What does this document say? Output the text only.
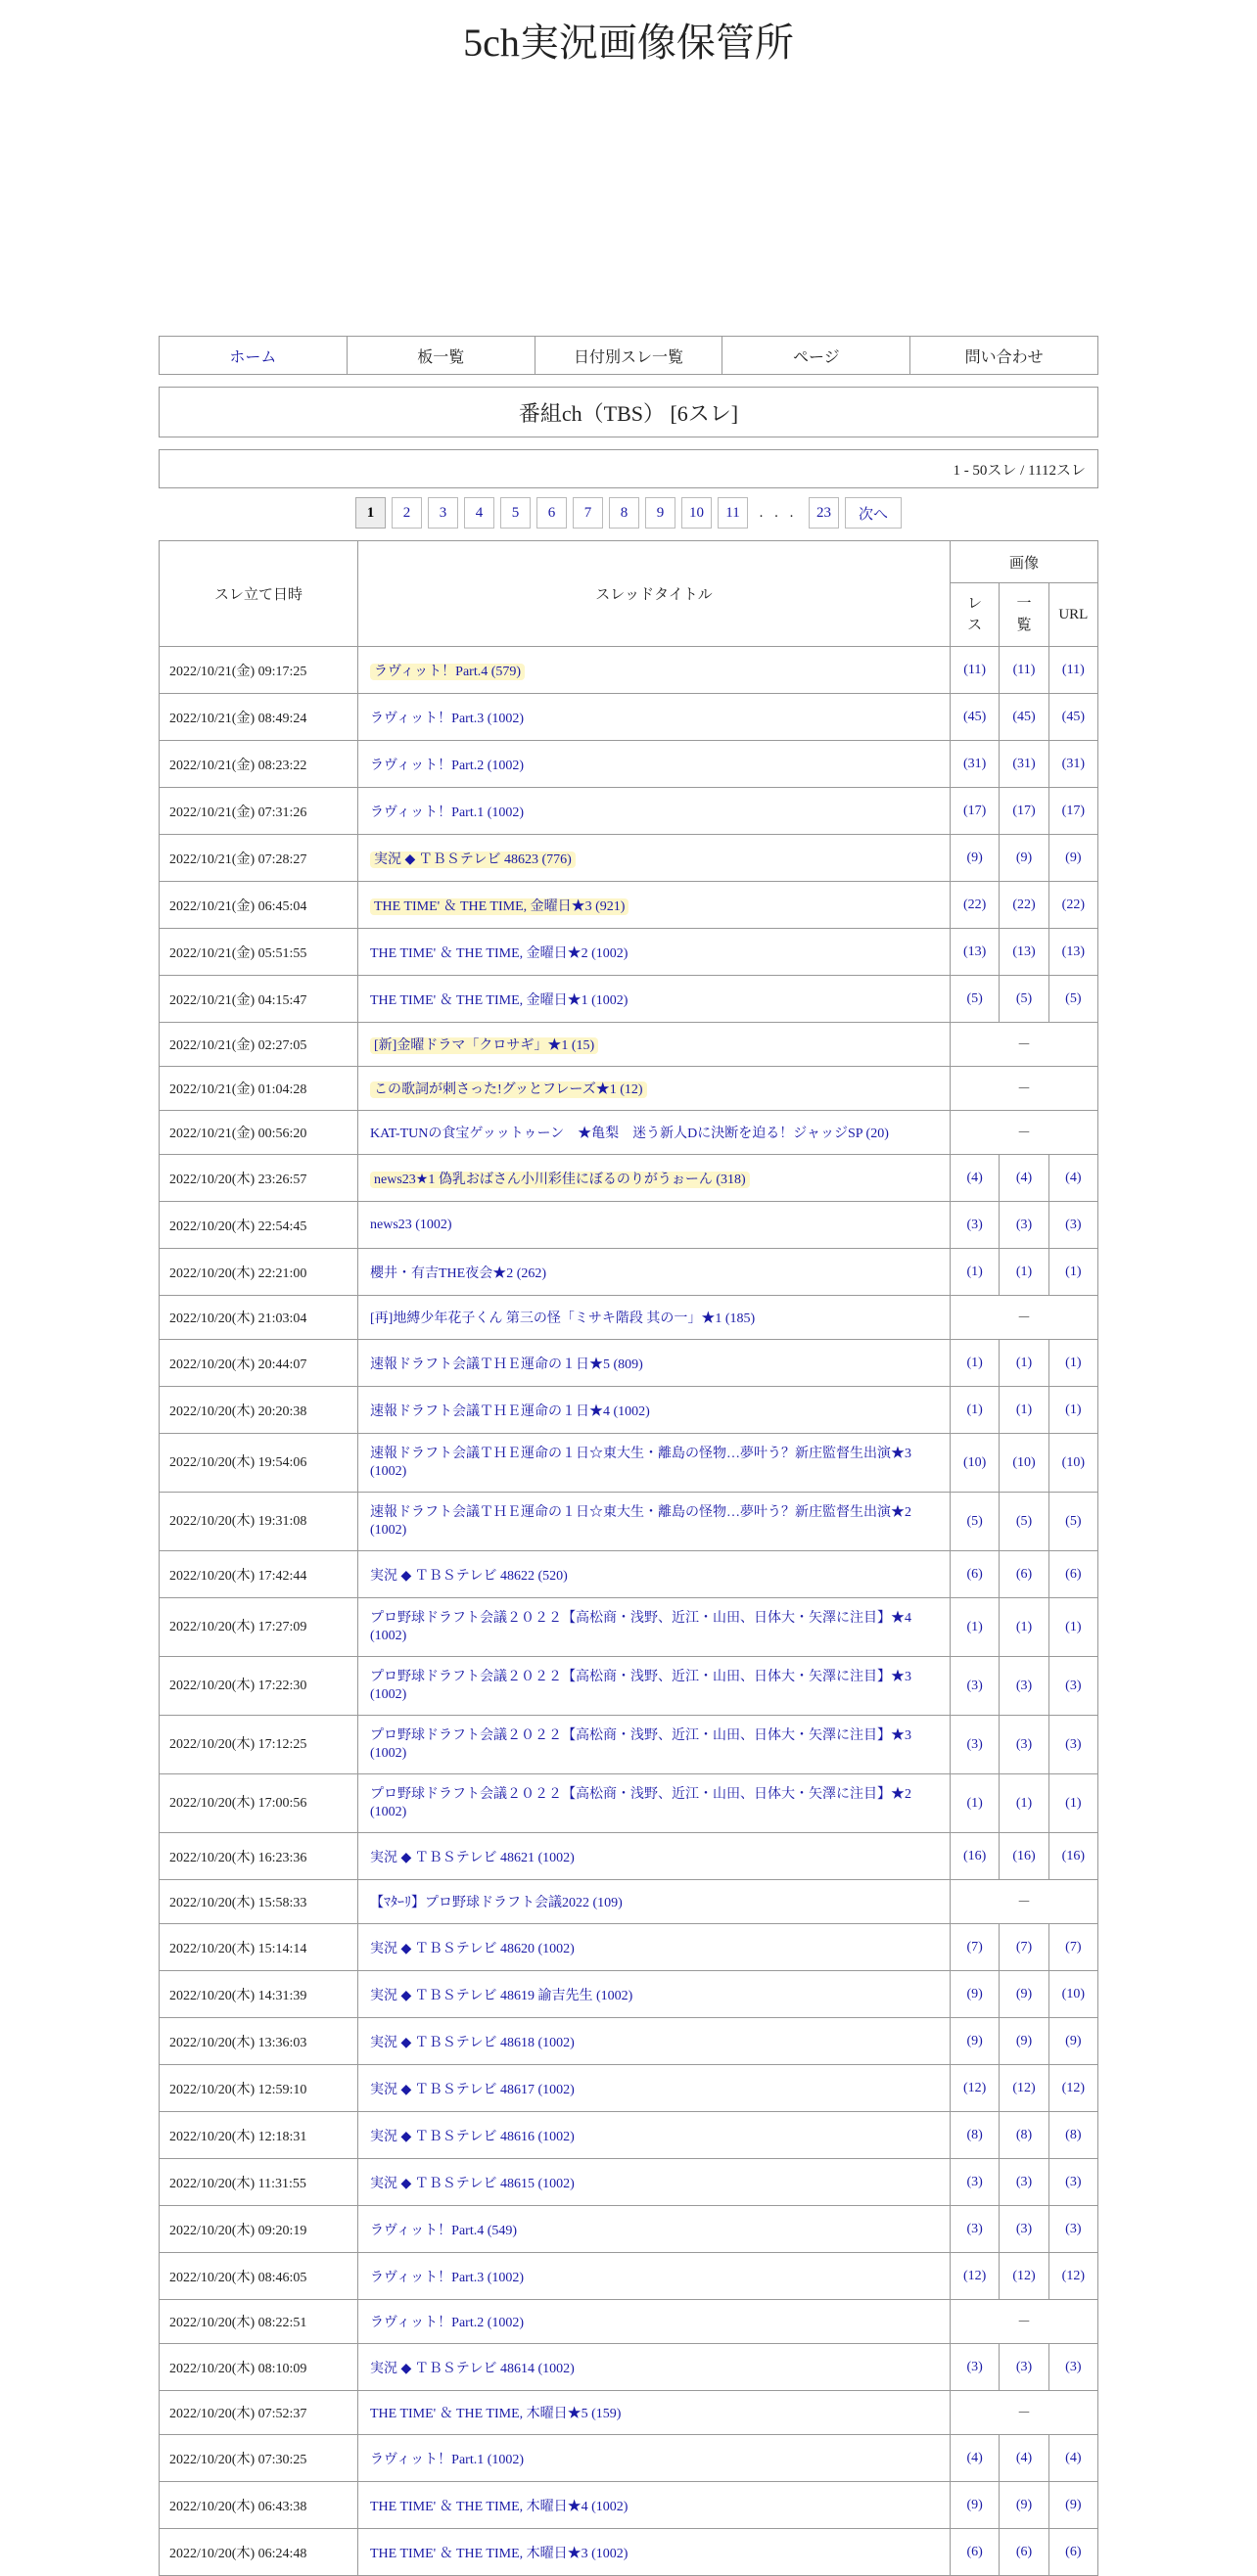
5ch実況画像保管所
ホーム	板一覧	日付別スレ一覧	ページ	問い合わせ
番組ch（TBS） [6スレ]
1 - 50スレ / 1112スレ
1	2	3	4	5	6	7	8	9	10	11	. . .	23	次へ
スレ立て日時	スレッドタイトル	画像		
		レス	一覧	URL
2022/10/21(金) 09:17:25	ラヴィット！Part.4 (579)	(11)	(11)	(11)
2022/10/21(金) 08:49:24	ラヴィット！Part.3 (1002)	(45)	(45)	(45)
2022/10/21(金) 08:23:22	ラヴィット！Part.2 (1002)	(31)	(31)	(31)
2022/10/21(金) 07:31:26	ラヴィット！Part.1 (1002)	(17)	(17)	(17)
2022/10/21(金) 07:28:27	実況 ◆ ＴＢＳテレビ 48623 (776)	(9)	(9)	(9)
2022/10/21(金) 06:45:04	THE TIME' ＆ THE TIME, 金曜日★3 (921)	(22)	(22)	(22)
2022/10/21(金) 05:51:55	THE TIME' ＆ THE TIME, 金曜日★2 (1002)	(13)	(13)	(13)
2022/10/21(金) 04:15:47	THE TIME' ＆ THE TIME, 金曜日★1 (1002)	(5)	(5)	(5)
2022/10/21(金) 02:27:05	[新]金曜ドラマ「クロサギ」★1 (15)	－		
2022/10/21(金) 01:04:28	この歌詞が刺さった!グッとフレーズ★1 (12)	－		
2022/10/21(金) 00:56:20	KAT-TUNの食宝ゲッットゥーン　★亀梨　迷う新人Dに決断を迫る！ジャッジSP (20)	－		
2022/10/20(木) 23:26:57	news23★1 偽乳おばさん小川彩佳にぼるのりがうぉーん (318)	(4)	(4)	(4)
2022/10/20(木) 22:54:45	news23 (1002)	(3)	(3)	(3)
2022/10/20(木) 22:21:00	櫻井・有吉THE夜会★2 (262)	(1)	(1)	(1)
2022/10/20(木) 21:03:04	[再]地縛少年花子くん 第三の怪「ミサキ階段 其の一」★1 (185)	－		
2022/10/20(木) 20:44:07	速報ドラフト会議ＴＨＥ運命の１日★5 (809)	(1)	(1)	(1)
2022/10/20(木) 20:20:38	速報ドラフト会議ＴＨＥ運命の１日★4 (1002)	(1)	(1)	(1)
2022/10/20(木) 19:54:06	速報ドラフト会議ＴＨＥ運命の１日☆東大生・離島の怪物…夢叶う？新庄監督生出演★3 (1002)	(10)	(10)	(10)
2022/10/20(木) 19:31:08	速報ドラフト会議ＴＨＥ運命の１日☆東大生・離島の怪物…夢叶う？新庄監督生出演★2 (1002)	(5)	(5)	(5)
2022/10/20(木) 17:42:44	実況 ◆ ＴＢＳテレビ 48622 (520)	(6)	(6)	(6)
2022/10/20(木) 17:27:09	プロ野球ドラフト会議２０２２【高松商・浅野、近江・山田、日体大・矢澤に注目】★4 (1002)	(1)	(1)	(1)
2022/10/20(木) 17:22:30	プロ野球ドラフト会議２０２２【高松商・浅野、近江・山田、日体大・矢澤に注目】★3 (1002)	(3)	(3)	(3)
2022/10/20(木) 17:12:25	プロ野球ドラフト会議２０２２【高松商・浅野、近江・山田、日体大・矢澤に注目】★3 (1002)	(3)	(3)	(3)
2022/10/20(木) 17:00:56	プロ野球ドラフト会議２０２２【高松商・浅野、近江・山田、日体大・矢澤に注目】★2 (1002)	(1)	(1)	(1)
2022/10/20(木) 16:23:36	実況 ◆ ＴＢＳテレビ 48621 (1002)	(16)	(16)	(16)
2022/10/20(木) 15:58:33	【ﾏﾀｰﾘ】プロ野球ドラフト会議2022 (109)	－		
2022/10/20(木) 15:14:14	実況 ◆ ＴＢＳテレビ 48620 (1002)	(7)	(7)	(7)
2022/10/20(木) 14:31:39	実況 ◆ ＴＢＳテレビ 48619 諭吉先生 (1002)	(9)	(9)	(10)
2022/10/20(木) 13:36:03	実況 ◆ ＴＢＳテレビ 48618 (1002)	(9)	(9)	(9)
2022/10/20(木) 12:59:10	実況 ◆ ＴＢＳテレビ 48617 (1002)	(12)	(12)	(12)
2022/10/20(木) 12:18:31	実況 ◆ ＴＢＳテレビ 48616 (1002)	(8)	(8)	(8)
2022/10/20(木) 11:31:55	実況 ◆ ＴＢＳテレビ 48615 (1002)	(3)	(3)	(3)
2022/10/20(木) 09:20:19	ラヴィット！Part.4 (549)	(3)	(3)	(3)
2022/10/20(木) 08:46:05	ラヴィット！Part.3 (1002)	(12)	(12)	(12)
2022/10/20(木) 08:22:51	ラヴィット！Part.2 (1002)	－		
2022/10/20(木) 08:10:09	実況 ◆ ＴＢＳテレビ 48614 (1002)	(3)	(3)	(3)
2022/10/20(木) 07:52:37	THE TIME' ＆ THE TIME, 木曜日★5 (159)	－		
2022/10/20(木) 07:30:25	ラヴィット！Part.1 (1002)	(4)	(4)	(4)
2022/10/20(木) 06:43:38	THE TIME' ＆ THE TIME, 木曜日★4 (1002)	(9)	(9)	(9)
2022/10/20(木) 06:24:48	THE TIME' ＆ THE TIME, 木曜日★3 (1002)	(6)	(6)	(6)
